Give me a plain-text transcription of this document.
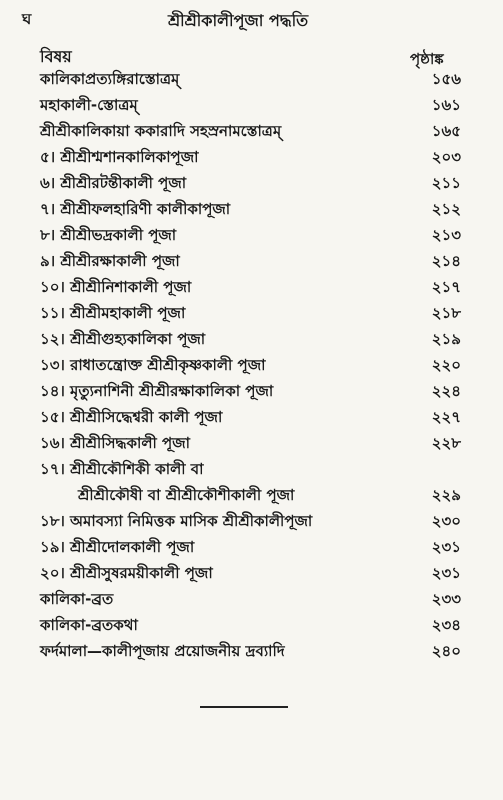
ঘ	শ্রীশ্রীকালীপূজা পদ্ধতি
বিষয়	পৃষ্ঠাঙ্ক
কালিকাপ্রত্যঙ্গিরাস্তোত্রম্	১৫৬
মহাকালী-স্তোত্রম্	১৬১
শ্রীশ্রীকালিকায়া ককারাদি সহস্রনামস্তোত্রম্	১৬৫
৫। শ্রীশ্রীশ্মশানকালিকাপূজা	২০৩
৬। শ্রীশ্রীরটন্তীকালী পূজা	২১১
৭। শ্রীশ্রীফলহারিণী কালীকাপূজা	২১২
৮। শ্রীশ্রীভদ্রকালী পূজা	২১৩
৯। শ্রীশ্রীরক্ষাকালী পূজা	২১৪
১০। শ্রীশ্রীনিশাকালী পূজা	২১৭
১১। শ্রীশ্রীমহাকালী পূজা	২১৮
১২। শ্রীশ্রীগুহ্যকালিকা পূজা	২১৯
১৩। রাধাতন্ত্রোক্ত শ্রীশ্রীকৃষ্ণকালী পূজা	২২০
১৪। মৃত্যুনাশিনী শ্রীশ্রীরক্ষাকালিকা পূজা	২২৪
১৫। শ্রীশ্রীসিদ্ধেশ্বরী কালী পূজা	২২৭
১৬। শ্রীশ্রীসিদ্ধকালী পূজা	২২৮
১৭। শ্রীশ্রীকৌশিকী কালী বা
শ্রীশ্রীকৌষী বা শ্রীশ্রীকৌশীকালী পূজা	২২৯
১৮। অমাবস্যা নিমিত্তক মাসিক শ্রীশ্রীকালীপূজা	২৩০
১৯। শ্রীশ্রীদোলকালী পূজা	২৩১
২০। শ্রীশ্রীসুষরময়ীকালী পূজা	২৩১
কালিকা-ব্রত	২৩৩
কালিকা-ব্রতকথা	২৩৪
ফর্দমালা—কালীপূজায় প্রয়োজনীয় দ্রব্যাদি	২৪০
